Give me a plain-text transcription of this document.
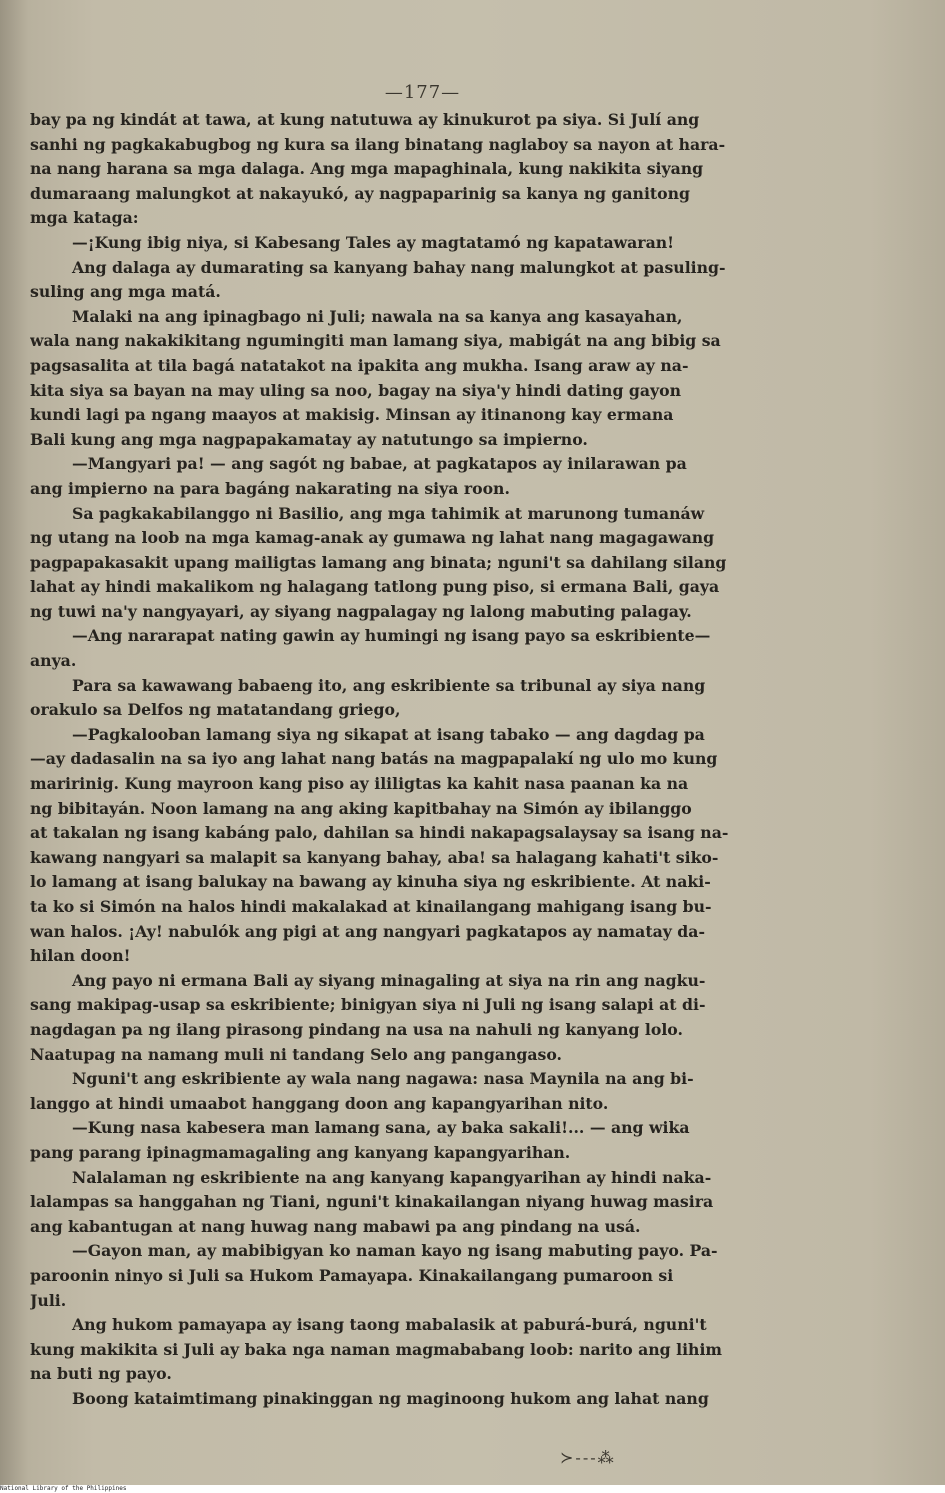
—177—
bay pa ng kindát at tawa, at kung natutuwa ay kinukurot pa siya. Si Julí ang
sanhi ng pagkakabugbog ng kura sa ilang binatang naglaboy sa nayon at hara-
na nang harana sa mga dalaga. Ang mga mapaghinala, kung nakikita siyang
dumaraang malungkot at nakayukó, ay nagpaparinig sa kanya ng ganitong
mga kataga:
—¡Kung ibig niya, si Kabesang Tales ay magtatamó ng kapatawaran!
Ang dalaga ay dumarating sa kanyang bahay nang malungkot at pasuling-
suling ang mga matá.
Malaki na ang ipinagbago ni Juli; nawala na sa kanya ang kasayahan,
wala nang nakakikitang ngumingiti man lamang siya, mabigát na ang bibig sa
pagsasalita at tila bagá natatakot na ipakita ang mukha. Isang araw ay na-
kita siya sa bayan na may uling sa noo, bagay na siya'y hindi dating gayon
kundi lagi pa ngang maayos at makisig. Minsan ay itinanong kay ermana
Bali kung ang mga nagpapakamatay ay natutungo sa impierno.
—Mangyari pa! — ang sagót ng babae, at pagkatapos ay inilarawan pa
ang impierno na para bagáng nakarating na siya roon.
Sa pagkakabilanggo ni Basilio, ang mga tahimik at marunong tumanáw
ng utang na loob na mga kamag-anak ay gumawa ng lahat nang magagawang
pagpapakasakit upang mailigtas lamang ang binata; nguni't sa dahilang silang
lahat ay hindi makalikom ng halagang tatlong pung piso, si ermana Bali, gaya
ng tuwi na'y nangyayari, ay siyang nagpalagay ng lalong mabuting palagay.
—Ang nararapat nating gawin ay humingi ng isang payo sa eskribiente—
anya.
Para sa kawawang babaeng ito, ang eskribiente sa tribunal ay siya nang
orakulo sa Delfos ng matatandang griego,
—Pagkalooban lamang siya ng sikapat at isang tabako — ang dagdag pa
—ay dadasalin na sa iyo ang lahat nang batás na magpapalakí ng ulo mo kung
maririnig. Kung mayroon kang piso ay ililigtas ka kahit nasa paanan ka na
ng bibitayán. Noon lamang na ang aking kapitbahay na Simón ay ibilanggo
at takalan ng isang kabáng palo, dahilan sa hindi nakapagsalaysay sa isang na-
kawang nangyari sa malapit sa kanyang bahay, aba! sa halagang kahati't siko-
lo lamang at isang balukay na bawang ay kinuha siya ng eskribiente. At naki-
ta ko si Simón na halos hindi makalakad at kinailangang mahigang isang bu-
wan halos. ¡Ay! nabulók ang pigi at ang nangyari pagkatapos ay namatay da-
hilan doon!
Ang payo ni ermana Bali ay siyang minagaling at siya na rin ang nagku-
sang makipag-usap sa eskribiente; binigyan siya ni Juli ng isang salapi at di-
nagdagan pa ng ilang pirasong pindang na usa na nahuli ng kanyang lolo.
Naatupag na namang muli ni tandang Selo ang pangangaso.
Nguni't ang eskribiente ay wala nang nagawa: nasa Maynila na ang bi-
langgo at hindi umaabot hanggang doon ang kapangyarihan nito.
—Kung nasa kabesera man lamang sana, ay baka sakali!... — ang wika
pang parang ipinagmamagaling ang kanyang kapangyarihan.
Nalalaman ng eskribiente na ang kanyang kapangyarihan ay hindi naka-
lalampas sa hanggahan ng Tiani, nguni't kinakailangan niyang huwag masira
ang kabantugan at nang huwag nang mabawi pa ang pindang na usá.
—Gayon man, ay mabibigyan ko naman kayo ng isang mabuting payo. Pa-
paroonin ninyo si Juli sa Hukom Pamayapa. Kinakailangang pumaroon si
Juli.
Ang hukom pamayapa ay isang taong mabalasik at paburá-burá, nguni't
kung makikita si Juli ay baka nga naman magmababang loob: narito ang lihim
na buti ng payo.
Boong kataimtimang pinakinggan ng maginoong hukom ang lahat nang
≻---⁂
National Library of the Philippines
